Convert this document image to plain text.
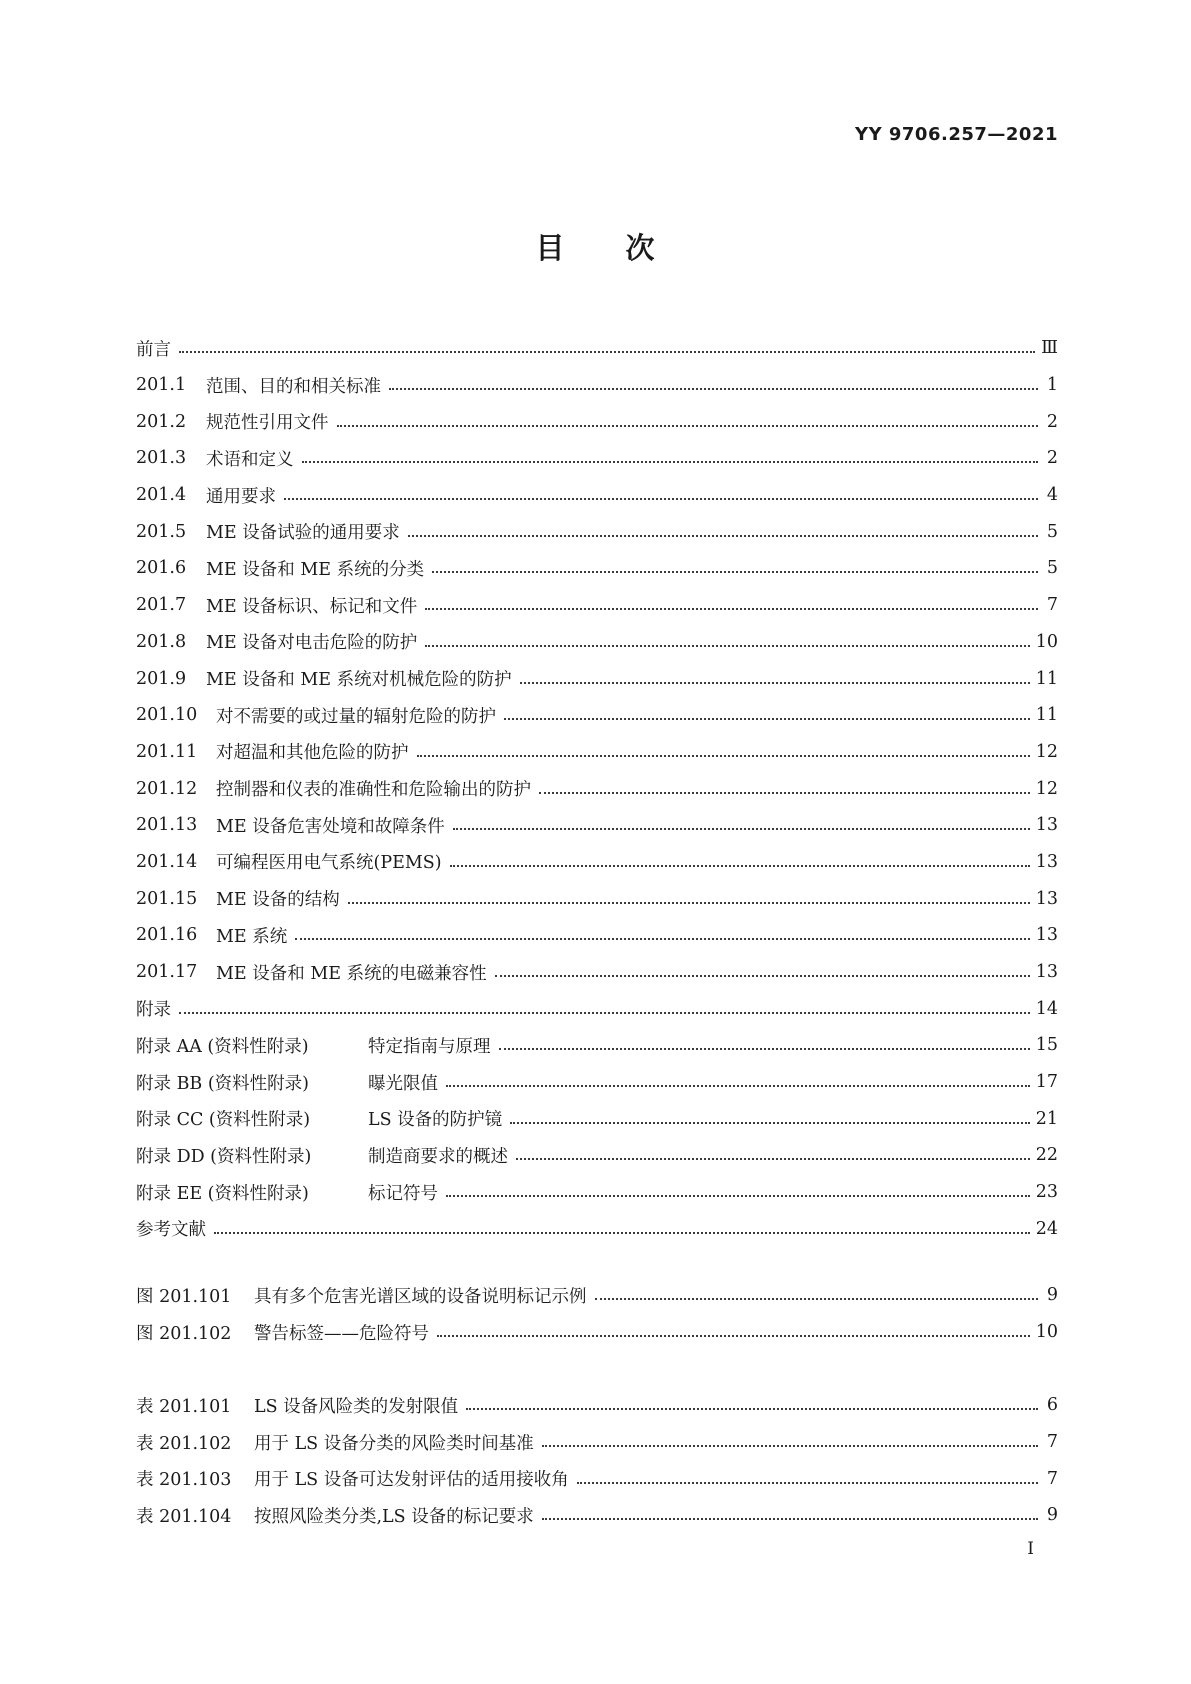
YY 9706.257—2021
目 次
前言	Ⅲ
201.1	范围、目的和相关标准	1
201.2	规范性引用文件	2
201.3	术语和定义	2
201.4	通用要求	4
201.5	ME 设备试验的通用要求	5
201.6	ME 设备和 ME 系统的分类	5
201.7	ME 设备标识、标记和文件	7
201.8	ME 设备对电击危险的防护	10
201.9	ME 设备和 ME 系统对机械危险的防护	11
201.10	对不需要的或过量的辐射危险的防护	11
201.11	对超温和其他危险的防护	12
201.12	控制器和仪表的准确性和危险输出的防护	12
201.13	ME 设备危害处境和故障条件	13
201.14	可编程医用电气系统(PEMS)	13
201.15	ME 设备的结构	13
201.16	ME 系统	13
201.17	ME 设备和 ME 系统的电磁兼容性	13
附录	14
附录 AA (资料性附录)	特定指南与原理	15
附录 BB (资料性附录)	曝光限值	17
附录 CC (资料性附录)	LS 设备的防护镜	21
附录 DD (资料性附录)	制造商要求的概述	22
附录 EE (资料性附录)	标记符号	23
参考文献	24
图 201.101	具有多个危害光谱区域的设备说明标记示例	9
图 201.102	警告标签——危险符号	10
表 201.101	LS 设备风险类的发射限值	6
表 201.102	用于 LS 设备分类的风险类时间基准	7
表 201.103	用于 LS 设备可达发射评估的适用接收角	7
表 201.104	按照风险类分类,LS 设备的标记要求	9
I
